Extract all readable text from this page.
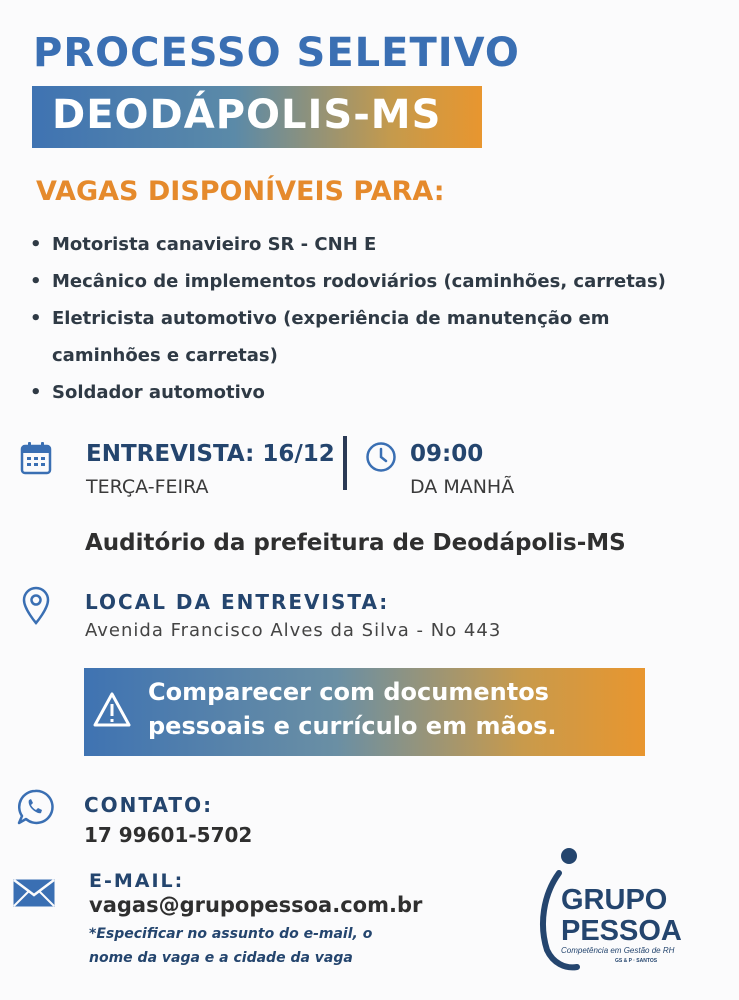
PROCESSO SELETIVO
DEODÁPOLIS-MS
VAGAS DISPONÍVEIS PARA:
• Motorista canavieiro SR - CNH E
• Mecânico de implementos rodoviários (caminhões, carretas)
• Eletricista automotivo (experiência de manutenção em caminhões e carretas)
• Soldador automotivo
ENTREVISTA: 16/12
TERÇA-FEIRA
09:00
DA MANHÃ
Auditório da prefeitura de Deodápolis-MS
LOCAL DA ENTREVISTA:
Avenida Francisco Alves da Silva - No 443
Comparecer com documentos
pessoais e currículo em mãos.
CONTATO:
17 99601-5702
E-MAIL:
vagas@grupopessoa.com.br
*Especificar no assunto do e-mail, o
nome da vaga e a cidade da vaga
GRUPO
PESSOA
Competência em Gestão de RH
GS & P · SANTOS
